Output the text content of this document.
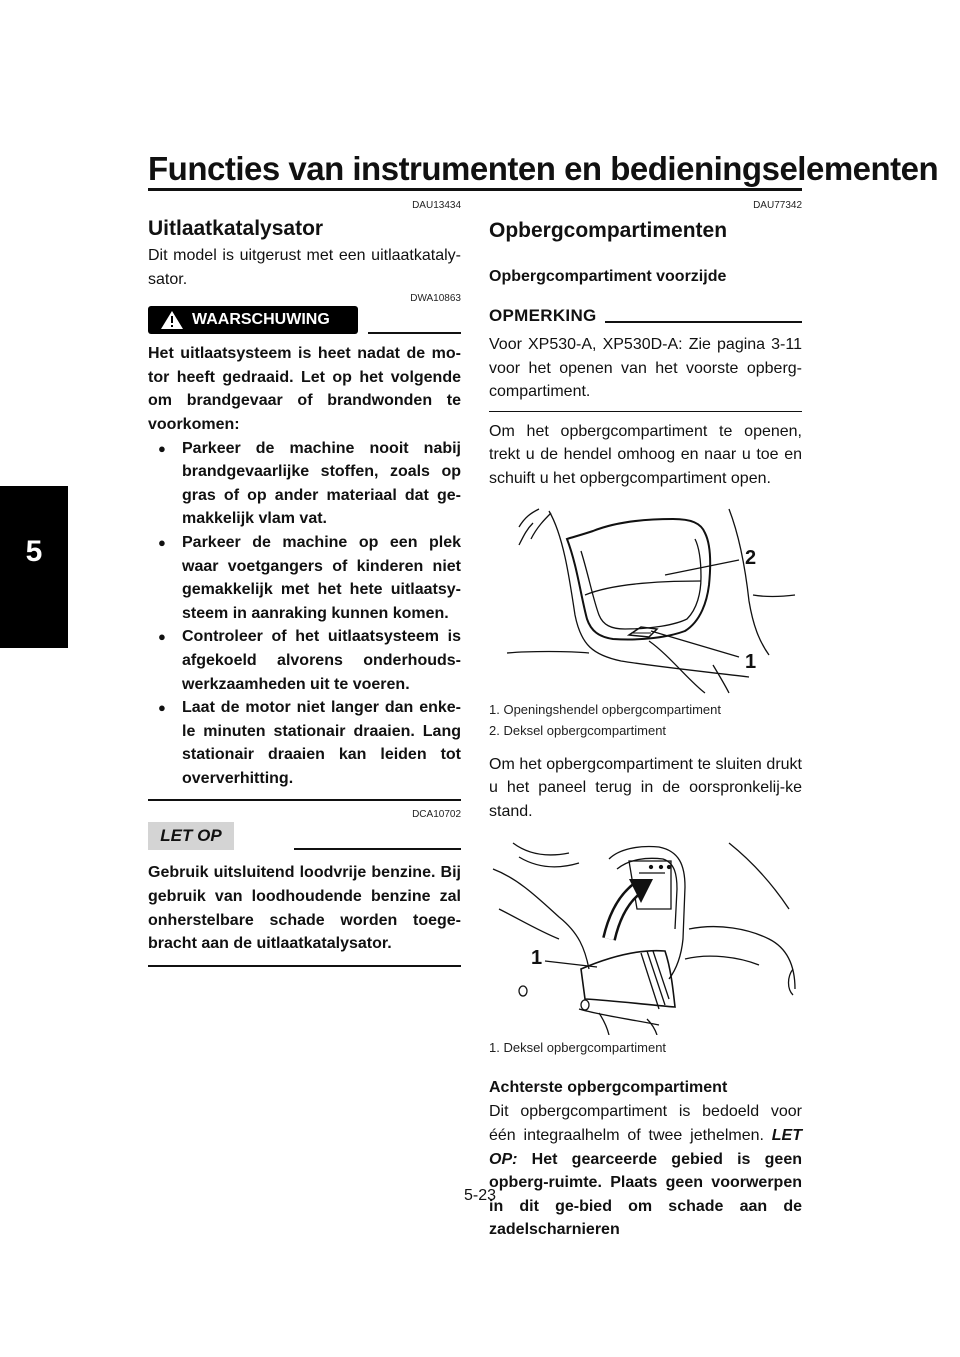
Functies van instrumenten en bedieningselementen
5
DAU13434
Uitlaatkatalysator
Dit model is uitgerust met een uitlaatkataly-sator.
DWA10863
WAARSCHUWING
Het uitlaatsysteem is heet nadat de mo-tor heeft gedraaid. Let op het volgende om brandgevaar of brandwonden te voorkomen:
● Parkeer de machine nooit nabij brandgevaarlijke stoffen, zoals op gras of op ander materiaal dat ge-makkelijk vlam vat.
● Parkeer de machine op een plek waar voetgangers of kinderen niet gemakkelijk met het hete uitlaatsy-steem in aanraking kunnen komen.
● Controleer of het uitlaatsysteem is afgekoeld alvorens onderhouds-werkzaamheden uit te voeren.
● Laat de motor niet langer dan enke-le minuten stationair draaien. Lang stationair draaien kan leiden tot oververhitting.
DCA10702
LET OP
Gebruik uitsluitend loodvrije benzine. Bij gebruik van loodhoudende benzine zal onherstelbare schade worden toege-bracht aan de uitlaatkatalysator.
DAU77342
Opbergcompartimenten
Opbergcompartiment voorzijde
OPMERKING
Voor XP530-A, XP530D-A: Zie pagina 3-11 voor het openen van het voorste opberg-compartiment.
Om het opbergcompartiment te openen, trekt u de hendel omhoog en naar u toe en schuift u het opbergcompartiment open.
2
1
1. Openingshendel opbergcompartiment
2. Deksel opbergcompartiment
Om het opbergcompartiment te sluiten drukt u het paneel terug in de oorspronkelij-ke stand.
1
1. Deksel opbergcompartiment
Achterste opbergcompartiment
Dit opbergcompartiment is bedoeld voor één integraalhelm of twee jethelmen. LET OP: Het gearceerde gebied is geen opberg-ruimte. Plaats geen voorwerpen in dit ge-bied om schade aan de zadelscharnieren
5-23
